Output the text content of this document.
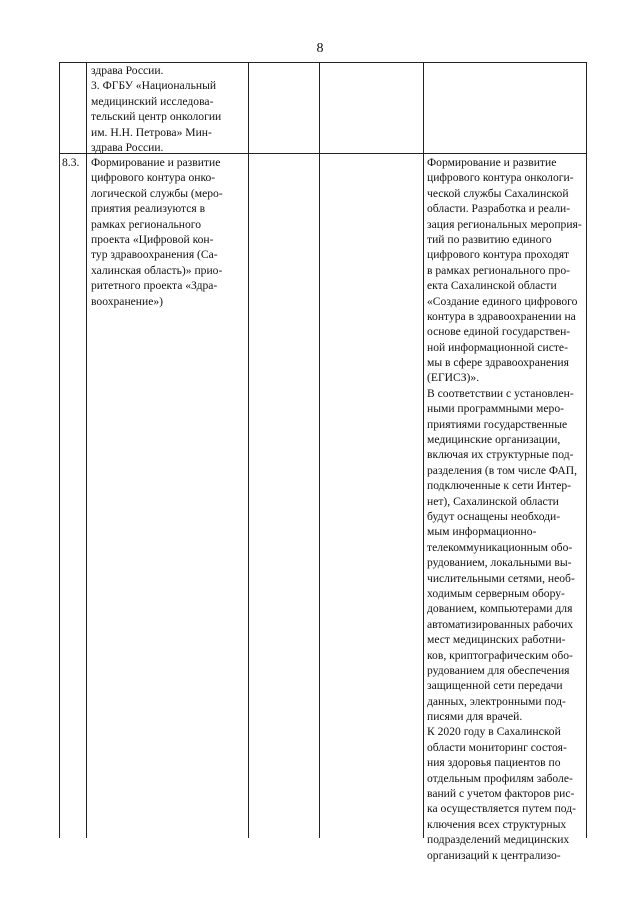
8
здрава России.
3. ФГБУ «Национальный
медицинский исследова-
тельский центр онкологии
им. Н.Н. Петрова» Мин-
здрава России.
8.3. Формирование и развитие
цифрового контура онко-
логической службы (меро-
приятия реализуются в
рамках регионального
проекта «Цифровой кон-
тур здравоохранения (Са-
халинская область)» прио-
ритетного проекта «Здра-
воохранение»)
Формирование и развитие
цифрового контура онкологи-
ческой службы Сахалинской
области. Разработка и реали-
зация региональных мероприя-
тий по развитию единого
цифрового контура проходят
в рамках регионального про-
екта Сахалинской области
«Создание единого цифрового
контура в здравоохранении на
основе единой государствен-
ной информационной систе-
мы в сфере здравоохранения
(ЕГИСЗ)».
В соответствии с установлен-
ными программными меро-
приятиями государственные
медицинские организации,
включая их структурные под-
разделения (в том числе ФАП,
подключенные к сети Интер-
нет), Сахалинской области
будут оснащены необходи-
мым информационно-
телекоммуникационным обо-
рудованием, локальными вы-
числительными сетями, необ-
ходимым серверным обору-
дованием, компьютерами для
автоматизированных рабочих
мест медицинских работни-
ков, криптографическим обо-
рудованием для обеспечения
защищенной сети передачи
данных, электронными под-
писями для врачей.
К 2020 году в Сахалинской
области мониторинг состоя-
ния здоровья пациентов по
отдельным профилям заболе-
ваний с учетом факторов рис-
ка осуществляется путем под-
ключения всех структурных
подразделений медицинских
организаций к централизо-
